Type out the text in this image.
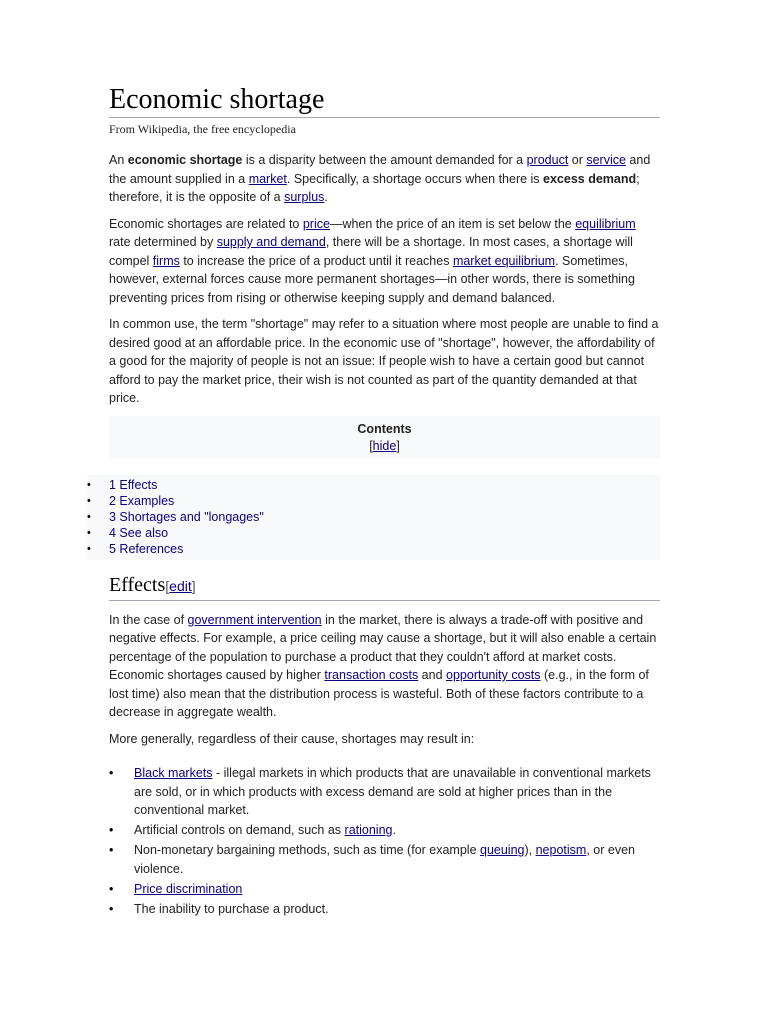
Economic shortage
From Wikipedia, the free encyclopedia

An economic shortage is a disparity between the amount demanded for a product or service and the amount supplied in a market. Specifically, a shortage occurs when there is excess demand; therefore, it is the opposite of a surplus.

Economic shortages are related to price—when the price of an item is set below the equilibrium rate determined by supply and demand, there will be a shortage. In most cases, a shortage will compel firms to increase the price of a product until it reaches market equilibrium. Sometimes, however, external forces cause more permanent shortages—in other words, there is something preventing prices from rising or otherwise keeping supply and demand balanced.

In common use, the term "shortage" may refer to a situation where most people are unable to find a desired good at an affordable price. In the economic use of "shortage", however, the affordability of a good for the majority of people is not an issue: If people wish to have a certain good but cannot afford to pay the market price, their wish is not counted as part of the quantity demanded at that price.

Contents
[hide]
• 1 Effects
• 2 Examples
• 3 Shortages and "longages"
• 4 See also
• 5 References
Effects[edit]

In the case of government intervention in the market, there is always a trade-off with positive and negative effects. For example, a price ceiling may cause a shortage, but it will also enable a certain percentage of the population to purchase a product that they couldn't afford at market costs. Economic shortages caused by higher transaction costs and opportunity costs (e.g., in the form of lost time) also mean that the distribution process is wasteful. Both of these factors contribute to a decrease in aggregate wealth.

More generally, regardless of their cause, shortages may result in:

• Black markets - illegal markets in which products that are unavailable in conventional markets are sold, or in which products with excess demand are sold at higher prices than in the conventional market.
• Artificial controls on demand, such as rationing.
• Non-monetary bargaining methods, such as time (for example queuing), nepotism, or even violence.
• Price discrimination
• The inability to purchase a product.
